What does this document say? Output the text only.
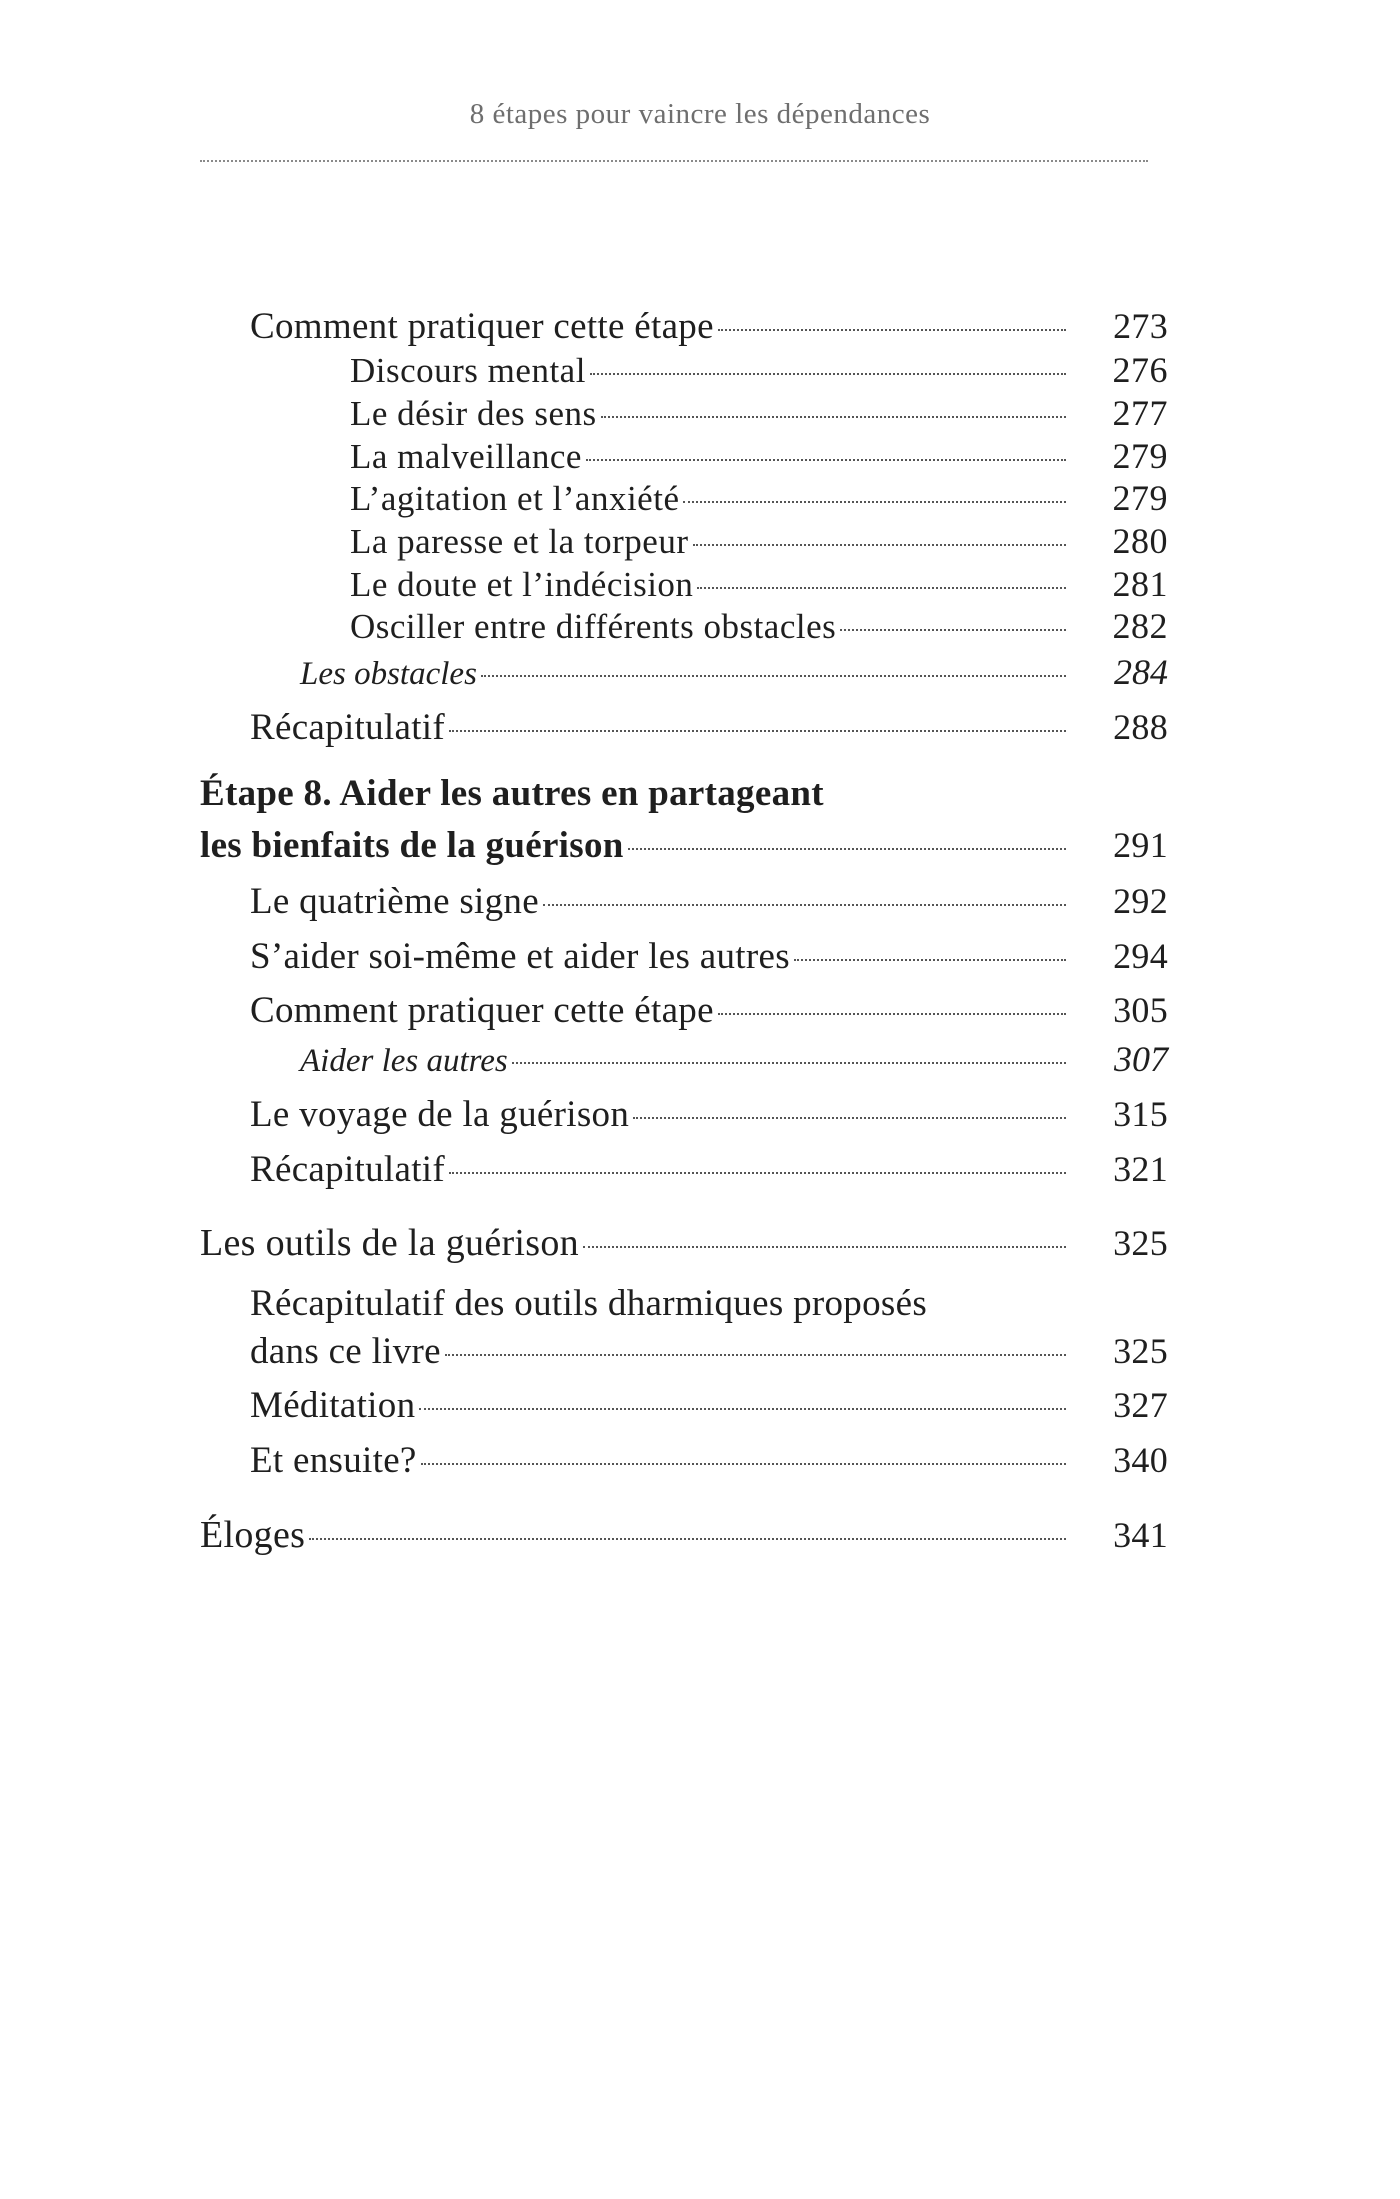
8 étapes pour vaincre les dépendances
Comment pratiquer cette étape	273
Discours mental	276
Le désir des sens	277
La malveillance	279
L’agitation et l’anxiété	279
La paresse et la torpeur	280
Le doute et l’indécision	281
Osciller entre différents obstacles	282
Les obstacles	284
Récapitulatif	288
Étape 8. Aider les autres en partageant
les bienfaits de la guérison	291
Le quatrième signe	292
S’aider soi-même et aider les autres	294
Comment pratiquer cette étape	305
Aider les autres	307
Le voyage de la guérison	315
Récapitulatif	321
Les outils de la guérison	325
Récapitulatif des outils dharmiques proposés
dans ce livre	325
Méditation	327
Et ensuite?	340
Éloges	341
